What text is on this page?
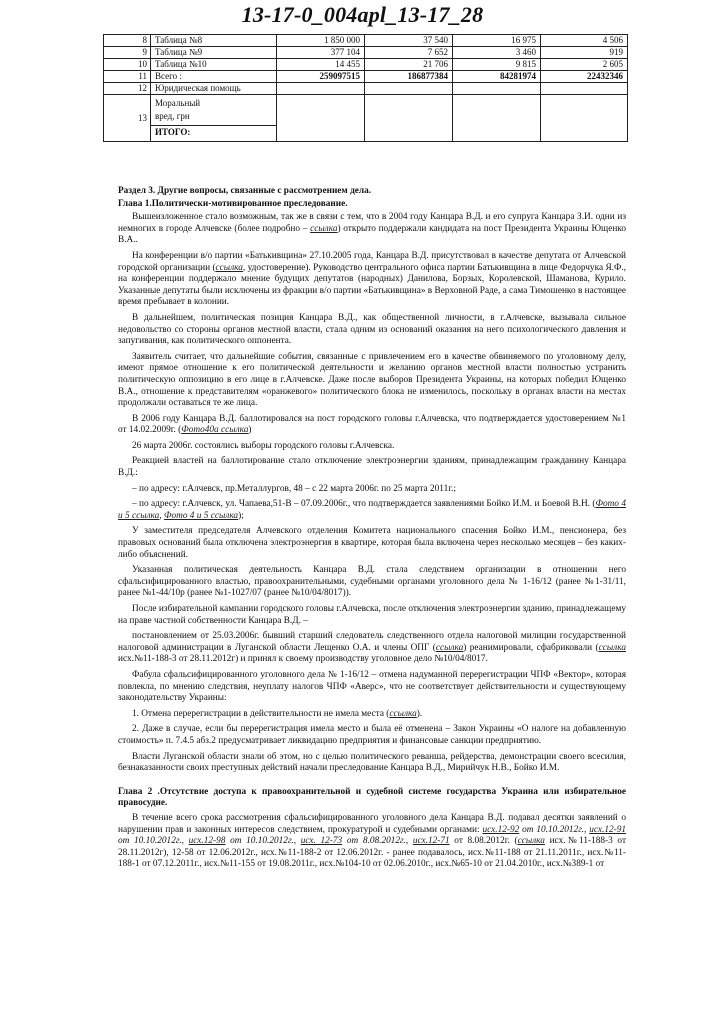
13-17-0_004apl_13-17_28
8	Таблица №8	1 850 000	37 540	16 975	4 506
9	Таблица №9	377 104	7 652	3 460	919
10	Таблица №10	14 455	21 706	9 815	2 605
11	Всего :	259097515	186877384	84281974	22432346
12	Юридическая помощь				
13	Моральный вред, грн
ИТОГО:				

Раздел 3. Другие вопросы, связанные с рассмотрением дела.

Глава 1.Политически-мотивированное преследование.

Вышеизложенное стало возможным, так же в связи с тем, что в 2004 году Канцара В.Д. и его супруга Канцара З.И. одни из немногих в городе Алчевске (более подробно – ссылка) открыто поддержали кандидата на пост Президента Украины Ющенко В.А..

На конференции в/о партии «Батькивщина» 27.10.2005 года, Канцара В.Д. присутствовал в качестве депутата от Алчевской городской организации (ссылка, удостоверение). Руководство центрального офиса партии Батькивщина в лице Федорчука Я.Ф., на конференции поддержало мнение будущих депутатов (народных) Данилова, Борзых, Королевской, Шаманова, Курило. Указанные депутаты были исключены из фракции в/о партии «Батькивщина» в Верховной Раде, а сама Тимошенко в настоящее время пребывает в колонии.

В дальнейшем, политическая позиция Канцара В.Д., как общественной личности, в г.Алчевске, вызывала сильное недовольство со стороны органов местной власти, стала одним из оснований оказания на него психологического давления и запугивания, как политического оппонента.

Заявитель считает, что дальнейшие события, связанные с привлечением его в качестве обвиняемого по уголовному делу, имеют прямое отношение к его политической деятельности и желанию органов местной власти полностью устранить политическую оппозицию в его лице в г.Алчевске. Даже после выборов Президента Украины, на которых победил Ющенко В.А., отношение к представителям «оранжевого» политического блока не изменилось, поскольку в органах власти на местах продолжали оставаться те же лица.

В 2006 году Канцара В.Д. баллотировался на пост городского головы г.Алчевска, что подтверждается удостоверением №1 от 14.02.2009г. (Фото40а ссылка)

26 марта 2006г. состоялись выборы городского головы г.Алчевска.

Реакцией властей на баллотирование стало отключение электроэнергии зданиям, принадлежащим гражданину Канцара В.Д.:

– по адресу: г.Алчевск, пр.Металлургов, 48 – с 22 марта 2006г. по 25 марта 2011г.;

– по адресу: г.Алчевск, ул. Чапаева,51-В – 07.09.2006г., что подтверждается заявлениями Бойко И.М. и Боевой В.Н. (Фото 4 и 5 ссылка, Фото 4 и 5 ссылка);

У заместителя председателя Алчевского отделения Комитета национального спасения Бойко И.М., пенсионера, без правовых оснований была отключена электроэнергия в квартире, которая была включена через несколько месяцев – без каких-либо объяснений.

Указанная политическая деятельность Канцара В.Д. стала следствием организации в отношении него сфальсифицированного властью, правоохранительными, судебными органами уголовного дела № 1-16/12 (ранее №1-31/11, ранее №1-44/10р (ранее №1-1027/07 (ранее №10/04/8017)).

После избирательной кампании городского головы г.Алчевска, после отключения электроэнергии зданию, принадлежащему на праве частной собственности Канцара В.Д. –

постановлением от 25.03.2006г. бывший старший следователь следственного отдела налоговой милиции государственной налоговой администрации в Луганской области Лещенко О.А. и члены ОПГ (ссылка) реанимировали, сфабриковали (ссылка исх.№11-188-3 от 28.11.2012г) и принял к своему производству уголовное дело №10/04/8017.

Фабула сфальсифицированного уголовного дела № 1-16/12 – отмена надуманной перерегистрации ЧПФ «Вектор», которая повлекла, по мнению следствия, неуплату налогов ЧПФ «Аверс», что не соответствует действительности и существующему законодательству Украины:

1. Отмена перерегистрации в действительности не имела места (ссылка).

2. Даже в случае, если бы перерегистрация имела место и была её отменена – Закон Украины «О налоге на добавленную стоимость» п. 7.4.5 абз.2 предусматривает ликвидацию предприятия и финансовые санкции предприятию.

Власти Луганской области знали об этом, но с целью политического реванша, рейдерства, демонстрации своего всесилия, безнаказанности своих преступных действий начали преследование Канцара В.Д., Мирийчук Н.В., Бойко И.М.

Глава 2 .Отсутствие доступа к правоохранительной и судебной системе государства Украина или избирательное правосудие.

В течение всего срока рассмотрения сфальсифицированного уголовного дела Канцара В.Д. подавал десятки заявлений о нарушении прав и законных интересов следствием, прокуратурой и судебными органами: исх.12-92 от 10.10.2012г., исх.12-91 от 10.10.2012г., исх.12-98 от 10.10.2012г., исх. 12-73 от 8.08.2012г., исх.12-71 от 8.08.2012г. (ссылка исх.№11-188-3 от 28.11.2012г), 12-58 от 12.06.2012г., исх.№11-188-2 от 12.06.2012г. - ранее подавалось, исх.№11-188 от 21.11.2011г., исх.№11-188-1 от 07.12.2011г., исх.№11-155 от 19.08.2011г., исх.№104-10 от 02.06.2010г., исх.№65-10 от 21.04.2010г., исх.№389-1 от
